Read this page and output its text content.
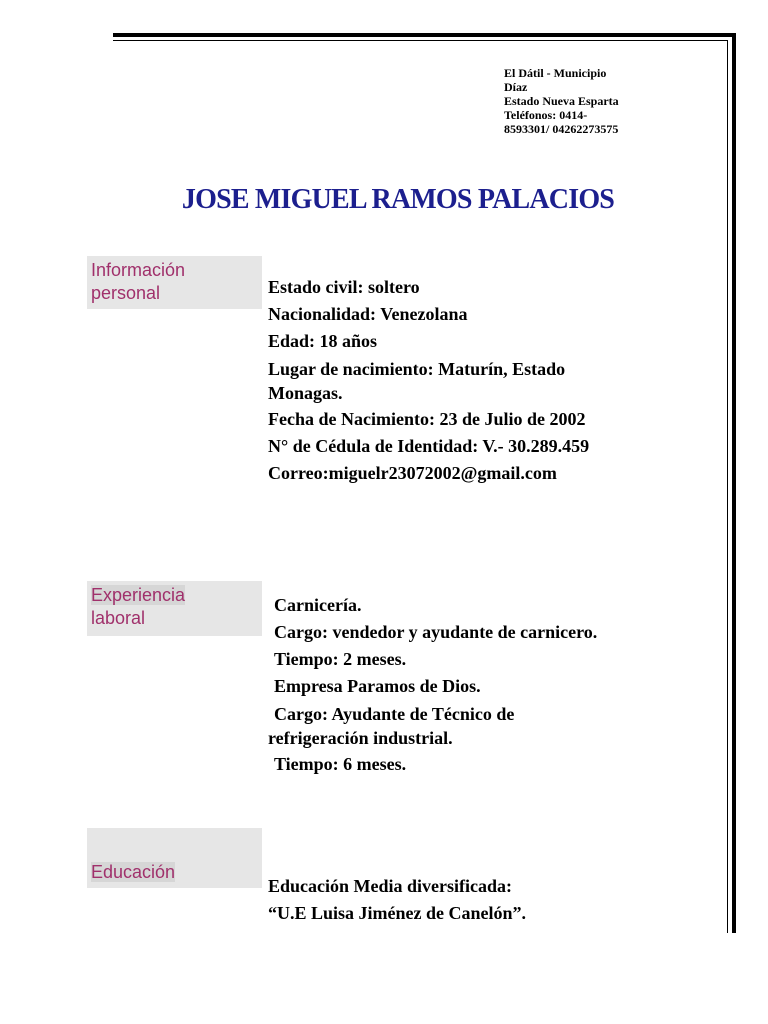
El Dátil - Municipio
Díaz
Estado Nueva Esparta
Teléfonos: 0414-
8593301/ 04262273575
JOSE MIGUEL RAMOS PALACIOS
Información
personal	Estado civil: soltero
Nacionalidad: Venezolana
Edad: 18 años
Lugar de nacimiento: Maturín, Estado Monagas.
Fecha de Nacimiento: 23 de Julio de 2002
N° de Cédula de Identidad: V.- 30.289.459
Correo:miguelr23072002@gmail.com
Experiencia
laboral
Carnicería.
Cargo: vendedor y ayudante de carnicero.
Tiempo: 2 meses.
Empresa Paramos de Dios.
Cargo: Ayudante de Técnico de refrigeración industrial.
Tiempo: 6 meses.
Educación
Educación Media diversificada:
“U.E Luisa Jiménez de Canelón”.
